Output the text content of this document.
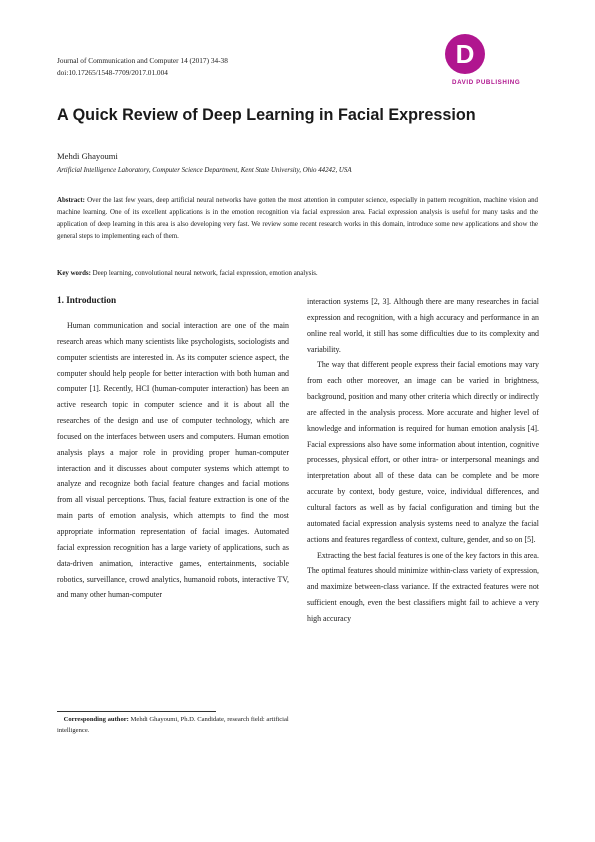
Journal of Communication and Computer 14 (2017) 34-38
doi:10.17265/1548-7709/2017.01.004
D
DAVID PUBLISHING
A Quick Review of Deep Learning in Facial Expression
Mehdi Ghayoumi
Artificial Intelligence Laboratory, Computer Science Department, Kent State University, Ohio 44242, USA

Abstract: Over the last few years, deep artificial neural networks have gotten the most attention in computer science, especially in pattern recognition, machine vision and machine learning. One of its excellent applications is in the emotion recognition via facial expression area. Facial expression analysis is useful for many tasks and the application of deep learning in this area is also developing very fast. We review some recent research works in this domain, introduce some new applications and show the general steps to implementing each of them.

Key words: Deep learning, convolutional neural network, facial expression, emotion analysis.

1. Introduction

Human communication and social interaction are one of the main research areas which many scientists like psychologists, sociologists and computer scientists are interested in. As its computer science aspect, the computer should help people for better interaction with both human and computer [1]. Recently, HCI (human-computer interaction) has been an active research topic in computer science and it is about all the researches of the design and use of computer technology, which are focused on the interfaces between users and computers. Human emotion analysis plays a major role in providing proper human-computer interaction and it discusses about computer systems which attempt to analyze and recognize both facial feature changes and facial motions from all visual perceptions. Thus, facial feature extraction is one of the main parts of emotion analysis, which attempts to find the most appropriate information representation of facial images. Automated facial expression recognition has a large variety of applications, such as data-driven animation, interactive games, entertainments, sociable robotics, surveillance, crowd analytics, humanoid robots, interactive TV, and many other human-computer

interaction systems [2, 3]. Although there are many researches in facial expression and recognition, with a high accuracy and performance in an online real world, it still has some difficulties due to its complexity and variability.

The way that different people express their facial emotions may vary from each other moreover, an image can be varied in brightness, background, position and many other criteria which directly or indirectly are affected in the analysis process. More accurate and higher level of knowledge and information is required for human emotion analysis [4]. Facial expressions also have some information about intention, cognitive processes, physical effort, or other intra- or interpersonal meanings and interpretation about all of these data can be complete and be more accurate by context, body gesture, voice, individual differences, and cultural factors as well as by facial configuration and timing but the automated facial expression analysis systems need to analyze the facial actions and features regardless of context, culture, gender, and so on [5].

Extracting the best facial features is one of the key factors in this area. The optimal features should minimize within-class variety of expression, and maximize between-class variance. If the extracted features were not sufficient enough, even the best classifiers might fail to achieve a very high accuracy

Corresponding author: Mehdi Ghayoumi, Ph.D. Candidate, research field: artificial intelligence.
